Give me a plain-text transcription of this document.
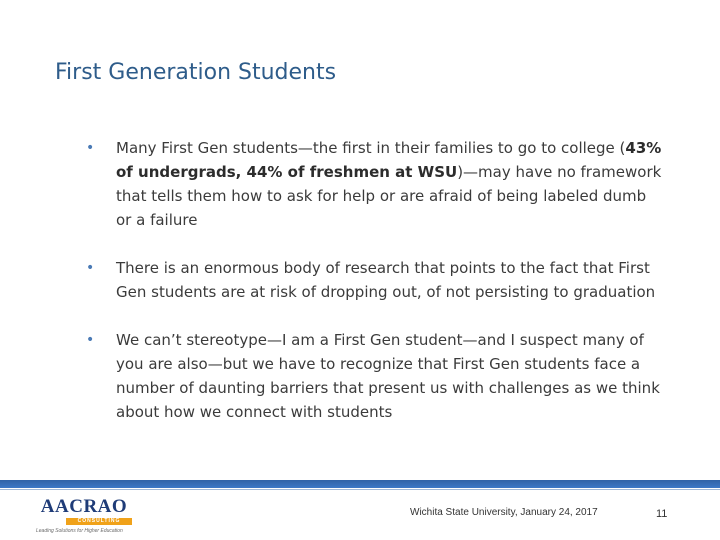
First Generation Students
• Many First Gen students—the first in their families to go to college (43% of undergrads, 44% of freshmen at WSU)—may have no framework that tells them how to ask for help or are afraid of being labeled dumb or a failure
• There is an enormous body of research that points to the fact that First Gen students are at risk of dropping out, of not persisting to graduation
• We can’t stereotype—I am a First Gen student—and I suspect many of you are also—but we have to recognize that First Gen students face a number of daunting barriers that present us with challenges as we think about how we connect with students
AACRAO
CONSULTING
Leading Solutions for Higher Education
Wichita State University, January 24, 2017	11
